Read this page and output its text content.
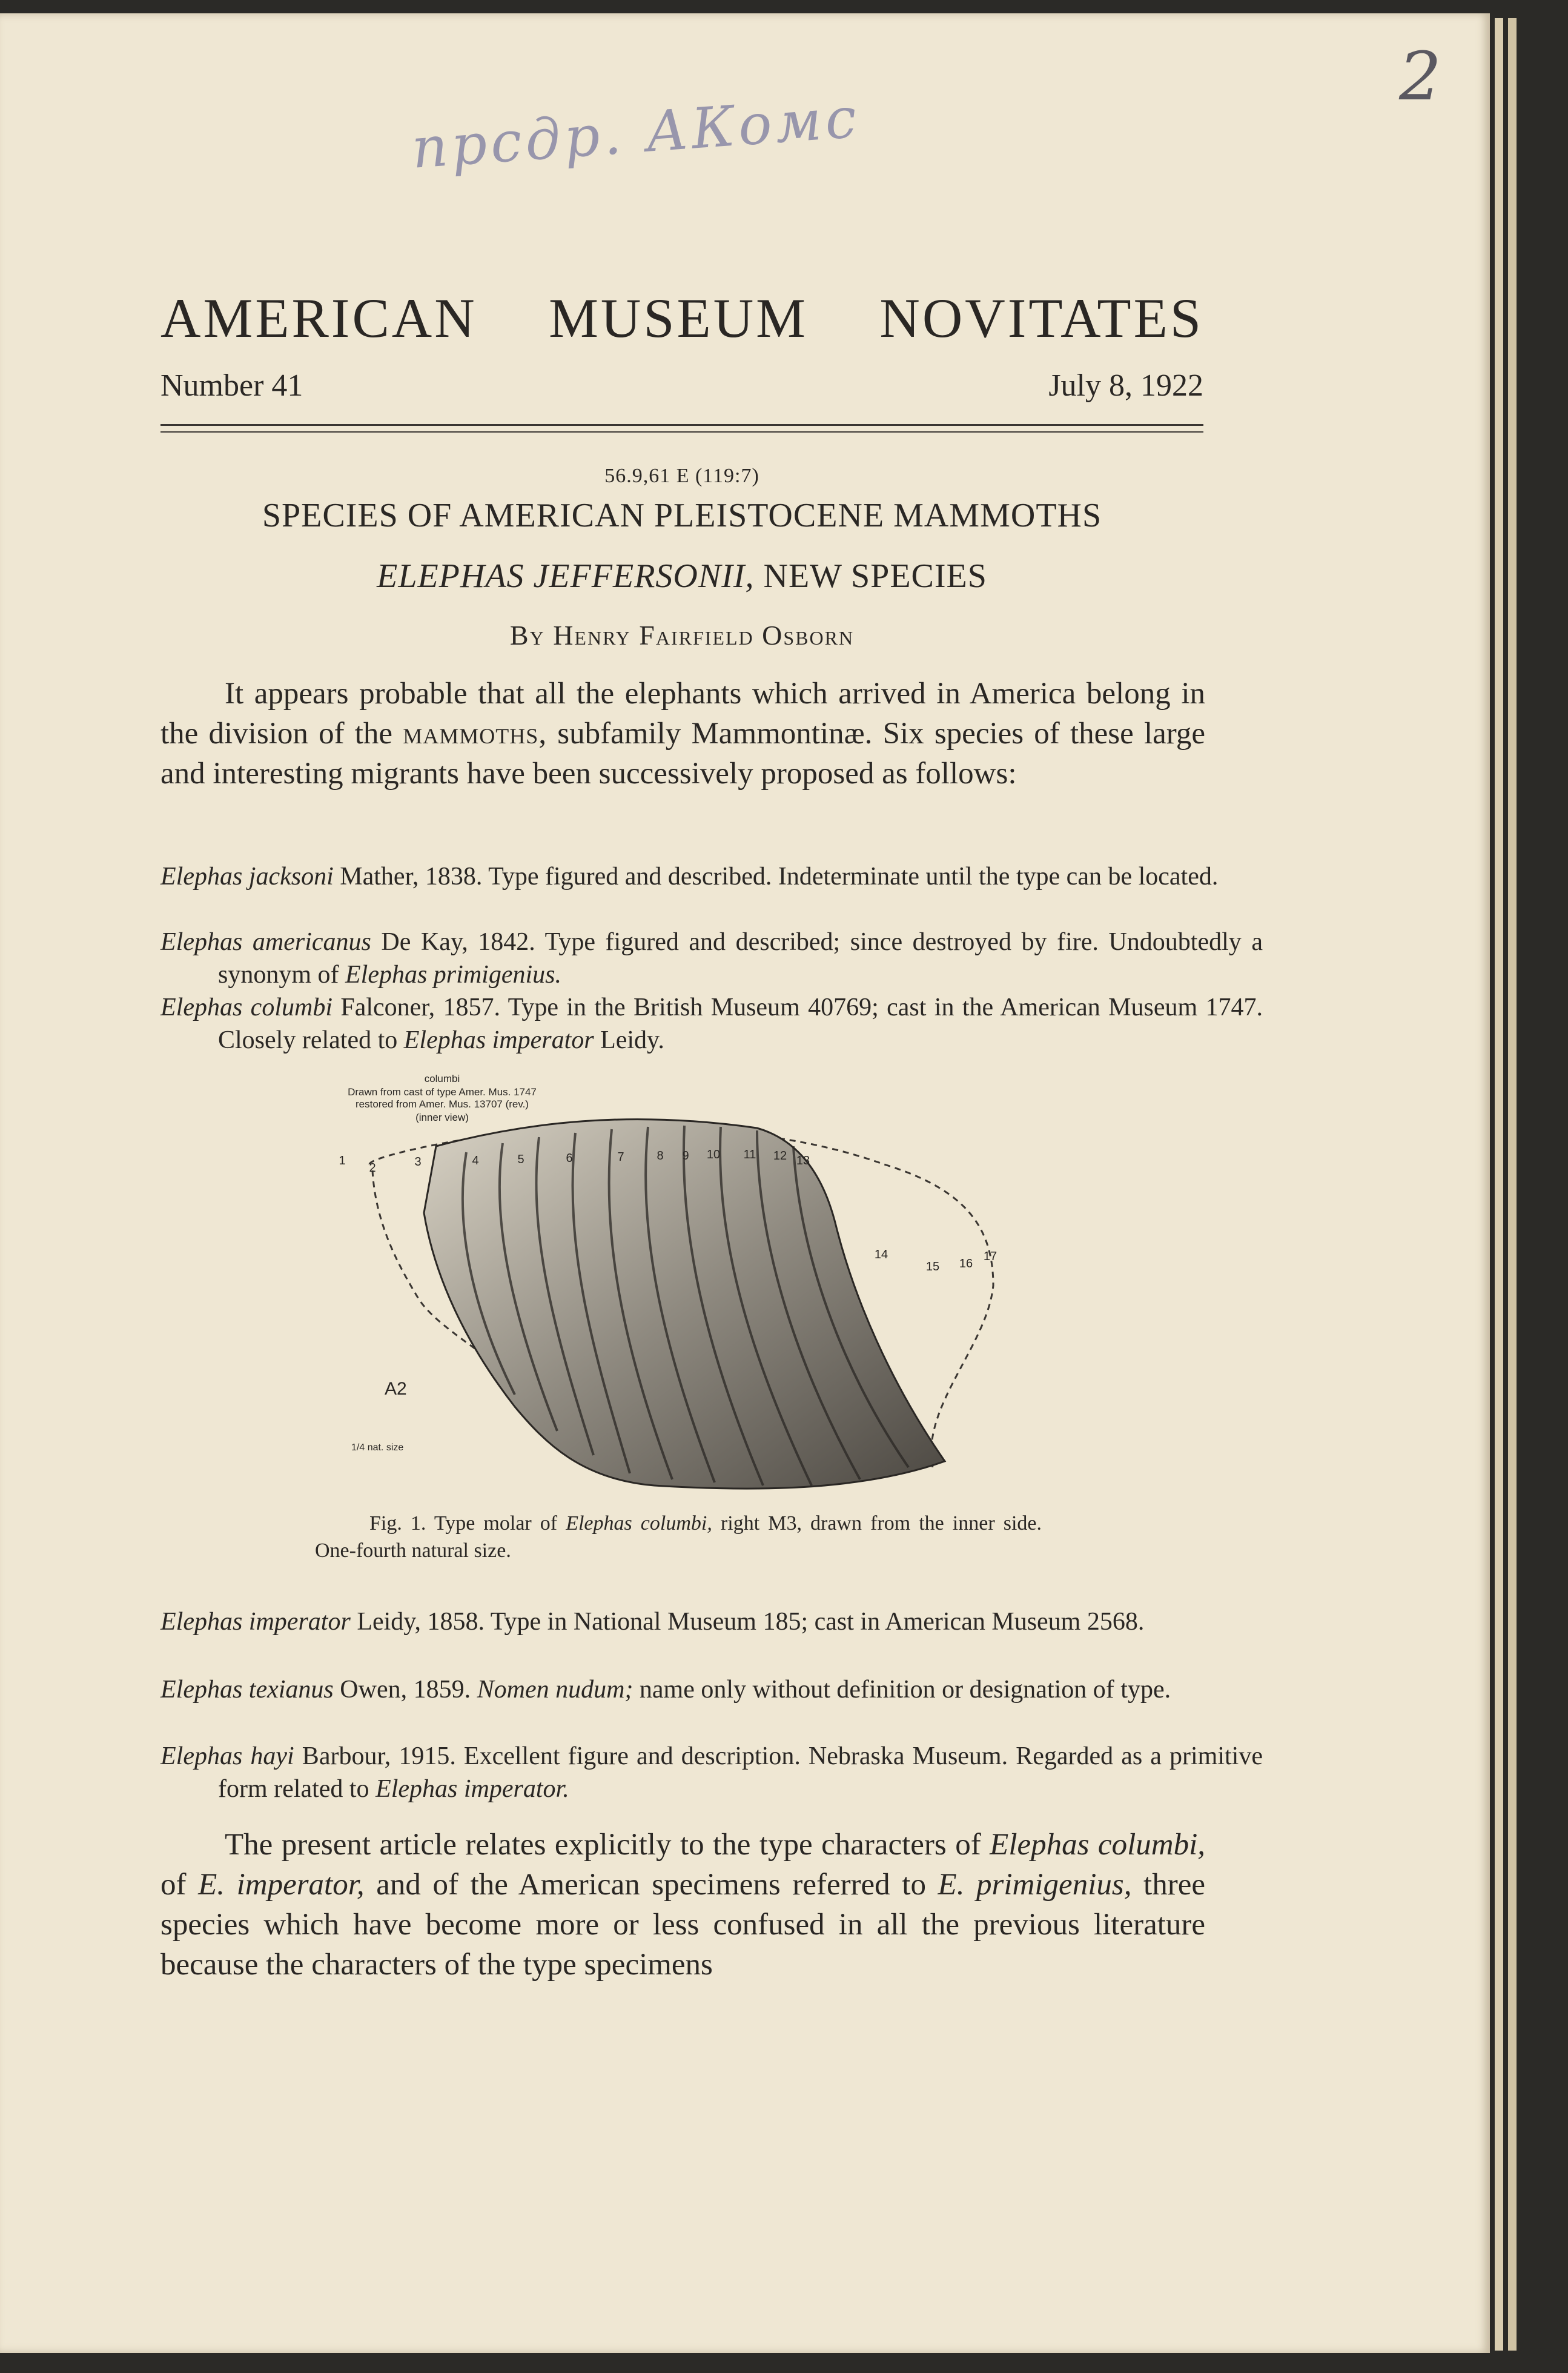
прсдр. АКомс
2
AMERICAN MUSEUM NOVITATES
Number 41	July 8, 1922
56.9,61 E (119:7)
SPECIES OF AMERICAN PLEISTOCENE MAMMOTHS
ELEPHAS JEFFERSONII, NEW SPECIES
By Henry Fairfield Osborn
It appears probable that all the elephants which arrived in America belong in the division of the mammoths, subfamily Mammontinæ. Six species of these large and interesting migrants have been successively proposed as follows:
Elephas jacksoni Mather, 1838. Type figured and described. Indeterminate until the type can be located.
Elephas americanus De Kay, 1842. Type figured and described; since destroyed by fire. Undoubtedly a synonym of Elephas primigenius.
Elephas columbi Falconer, 1857. Type in the British Museum 40769; cast in the American Museum 1747. Closely related to Elephas imperator Leidy.
columbi
Drawn from cast of type Amer. Mus. 1747
restored from Amer. Mus. 13707 (rev.)
(inner view)
1
2	3	4	5	6	7	8 9 10 11 12 13
14
15 16
17
A2
1/4 nat. size
Fig. 1. Type molar of Elephas columbi, right M3, drawn from the inner side. One-fourth natural size.
Elephas imperator Leidy, 1858. Type in National Museum 185; cast in American Museum 2568.
Elephas texianus Owen, 1859. Nomen nudum; name only without definition or designation of type.
Elephas hayi Barbour, 1915. Excellent figure and description. Nebraska Museum. Regarded as a primitive form related to Elephas imperator.
The present article relates explicitly to the type characters of Elephas columbi, of E. imperator, and of the American specimens referred to E. primigenius, three species which have become more or less confused in all the previous literature because the characters of the type specimens
